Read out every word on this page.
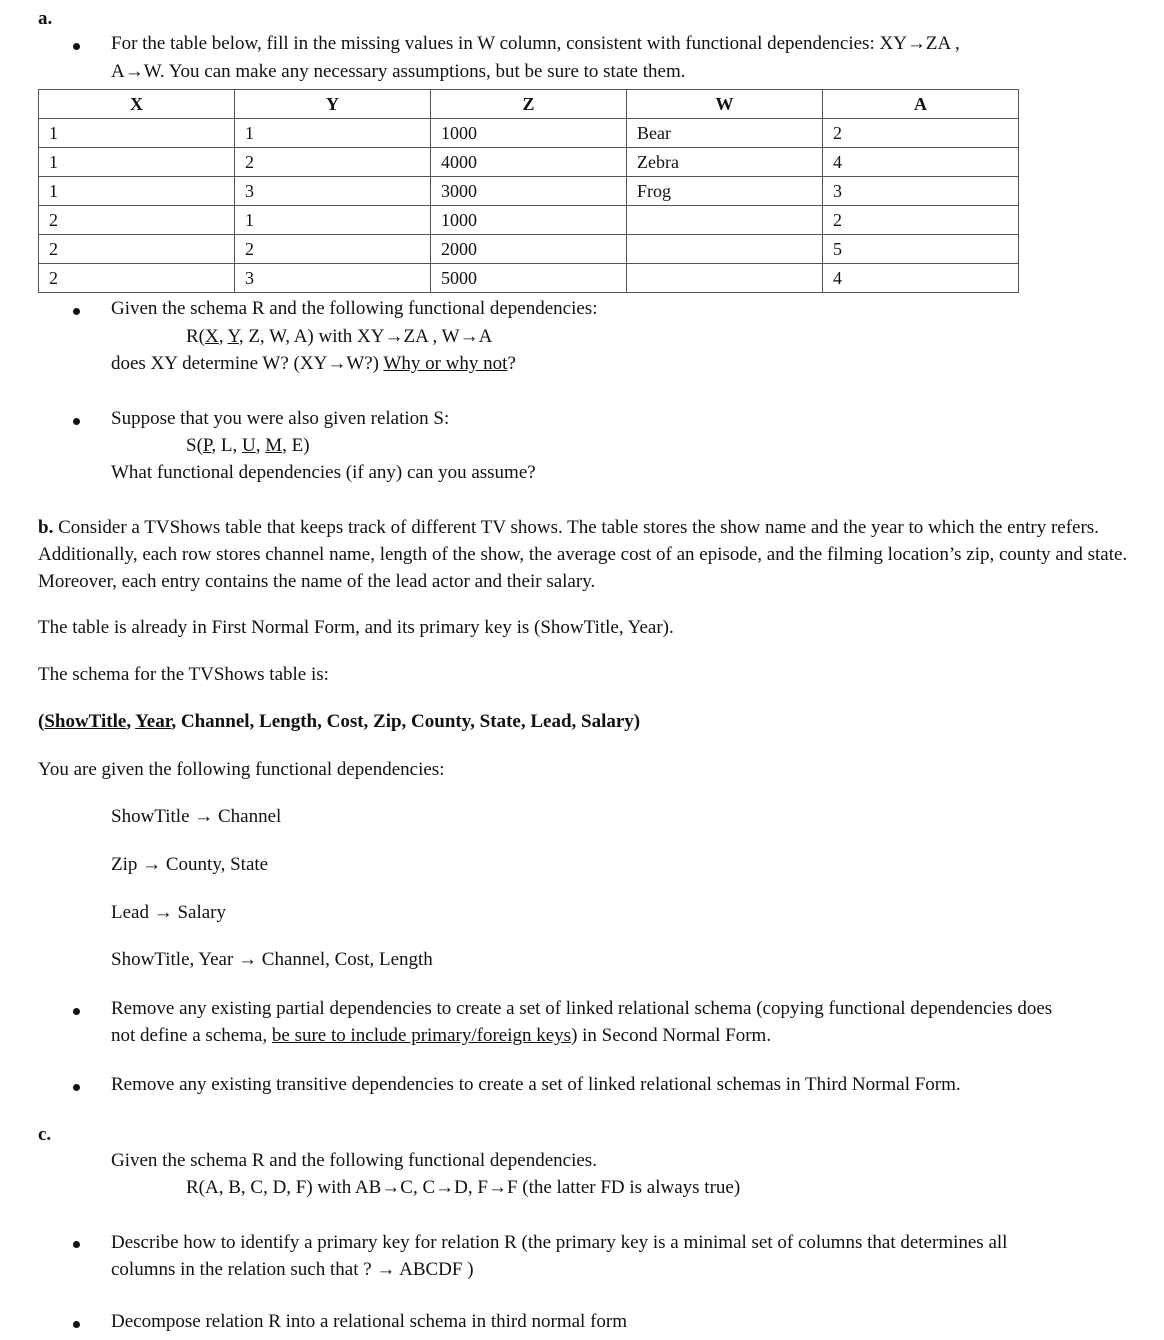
a.
For the table below, fill in the missing values in W column, consistent with functional dependencies: XY→ZA ,
A→W. You can make any necessary assumptions, but be sure to state them.
X	Y	Z	W	A
1	1	1000	Bear	2
1	2	4000	Zebra	4
1	3	3000	Frog	3
2	1	1000		2
2	2	2000		5
2	3	5000		4
Given the schema R and the following functional dependencies:
R(X, Y, Z, W, A) with XY→ZA , W→A
does XY determine W? (XY→W?) Why or why not?
Suppose that you were also given relation S:
S(P, L, U, M, E)
What functional dependencies (if any) can you assume?
b. Consider a TVShows table that keeps track of different TV shows. The table stores the show name and the year to which the entry refers. Additionally, each row stores channel name, length of the show, the average cost of an episode, and the filming location’s zip, county and state. Moreover, each entry contains the name of the lead actor and their salary.
The table is already in First Normal Form, and its primary key is (ShowTitle, Year).
The schema for the TVShows table is:
(ShowTitle, Year, Channel, Length, Cost, Zip, County, State, Lead, Salary)
You are given the following functional dependencies:
ShowTitle → Channel
Zip → County, State
Lead → Salary
ShowTitle, Year → Channel, Cost, Length
Remove any existing partial dependencies to create a set of linked relational schema (copying functional dependencies does
not define a schema, be sure to include primary/foreign keys) in Second Normal Form.
Remove any existing transitive dependencies to create a set of linked relational schemas in Third Normal Form.
c.
Given the schema R and the following functional dependencies.
R(A, B, C, D, F) with AB→C, C→D, F→F (the latter FD is always true)
Describe how to identify a primary key for relation R (the primary key is a minimal set of columns that determines all
columns in the relation such that ? → ABCDF )
Decompose relation R into a relational schema in third normal form
